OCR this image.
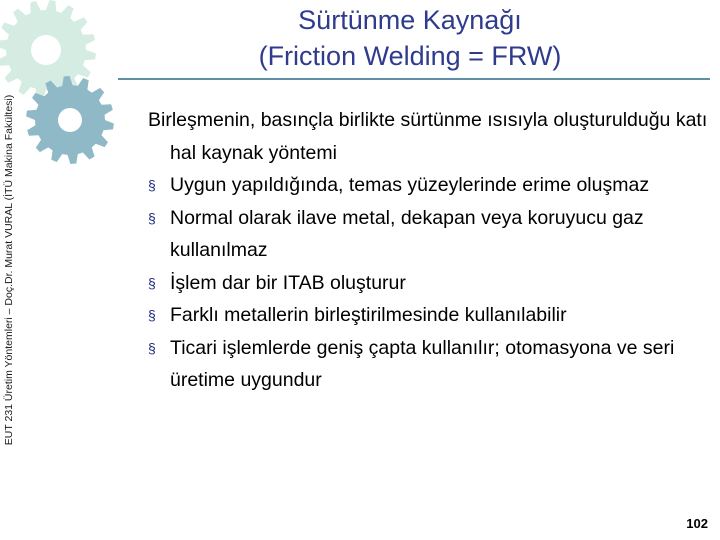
EUT 231 Üretim Yöntemleri – Doç.Dr. Murat VURAL (İTÜ Makina Fakültesi)
Sürtünme Kaynağı
(Friction Welding = FRW)

Birleşmenin, basınçla birlikte sürtünme ısısıyla oluşturulduğu katı hal kaynak yöntemi

§ Uygun yapıldığında, temas yüzeylerinde erime oluşmaz
§ Normal olarak ilave metal, dekapan veya koruyucu gaz kullanılmaz
§ İşlem dar bir ITAB oluşturur
§ Farklı metallerin birleştirilmesinde kullanılabilir
§ Ticari işlemlerde geniş çapta kullanılır; otomasyona ve seri üretime uygundur
102
